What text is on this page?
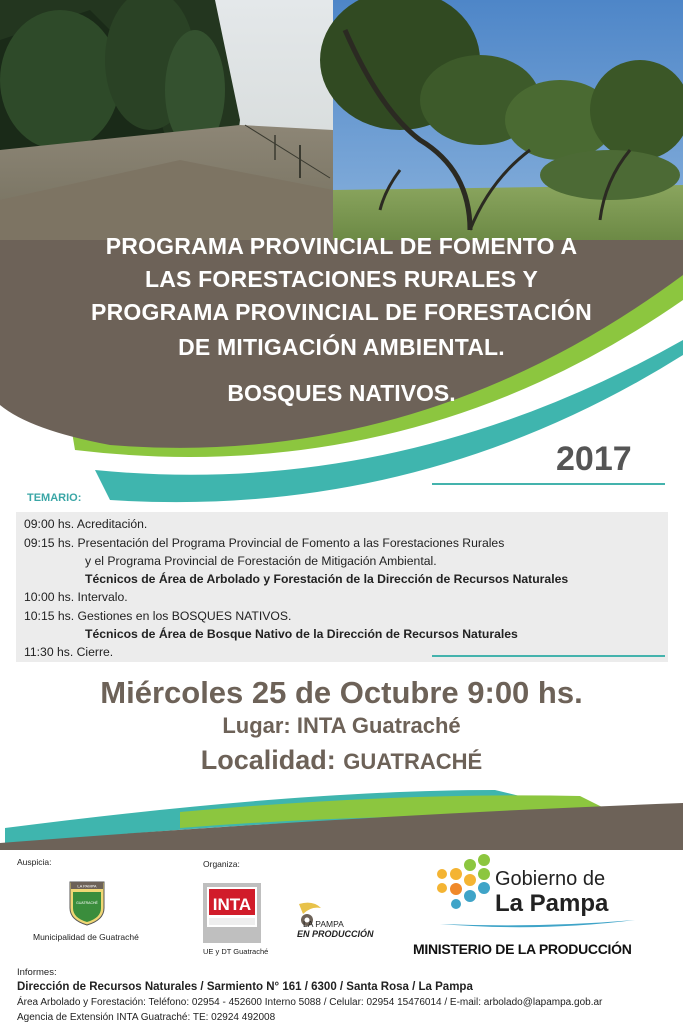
PROGRAMA PROVINCIAL DE FOMENTO A
LAS FORESTACIONES RURALES Y
PROGRAMA PROVINCIAL DE FORESTACIÓN
DE MITIGACIÓN AMBIENTAL.
BOSQUES NATIVOS.
2017
TEMARIO:
09:00 hs. Acreditación.
09:15 hs. Presentación del Programa Provincial de Fomento a las Forestaciones Rurales
y el Programa Provincial de Forestación de Mitigación Ambiental.
Técnicos de Área de Arbolado y Forestación de la Dirección de Recursos Naturales
10:00 hs. Intervalo.
10:15 hs. Gestiones en los BOSQUES NATIVOS.
Técnicos de Área de Bosque Nativo de la Dirección de Recursos Naturales
11:30 hs. Cierre.
Miércoles 25 de Octubre 9:00 hs.
Lugar: INTA Guatraché
Localidad: GUATRACHÉ
Auspicia:
LA PAMPA
GUATRACHÉ
Municipalidad de Guatraché
Organiza:
INTA
UE y DT Guatraché
LA PAMPA
EN PRODUCCIÓN
Gobierno de
La Pampa
MINISTERIO DE LA PRODUCCIÓN
Informes:
Dirección de Recursos Naturales / Sarmiento N° 161 / 6300 / Santa Rosa / La Pampa
Área Arbolado y Forestación: Teléfono: 02954 - 452600 Interno 5088 / Celular: 02954 15476014 / E-mail: arbolado@lapampa.gob.ar
Agencia de Extensión INTA Guatraché: TE: 02924 492008
